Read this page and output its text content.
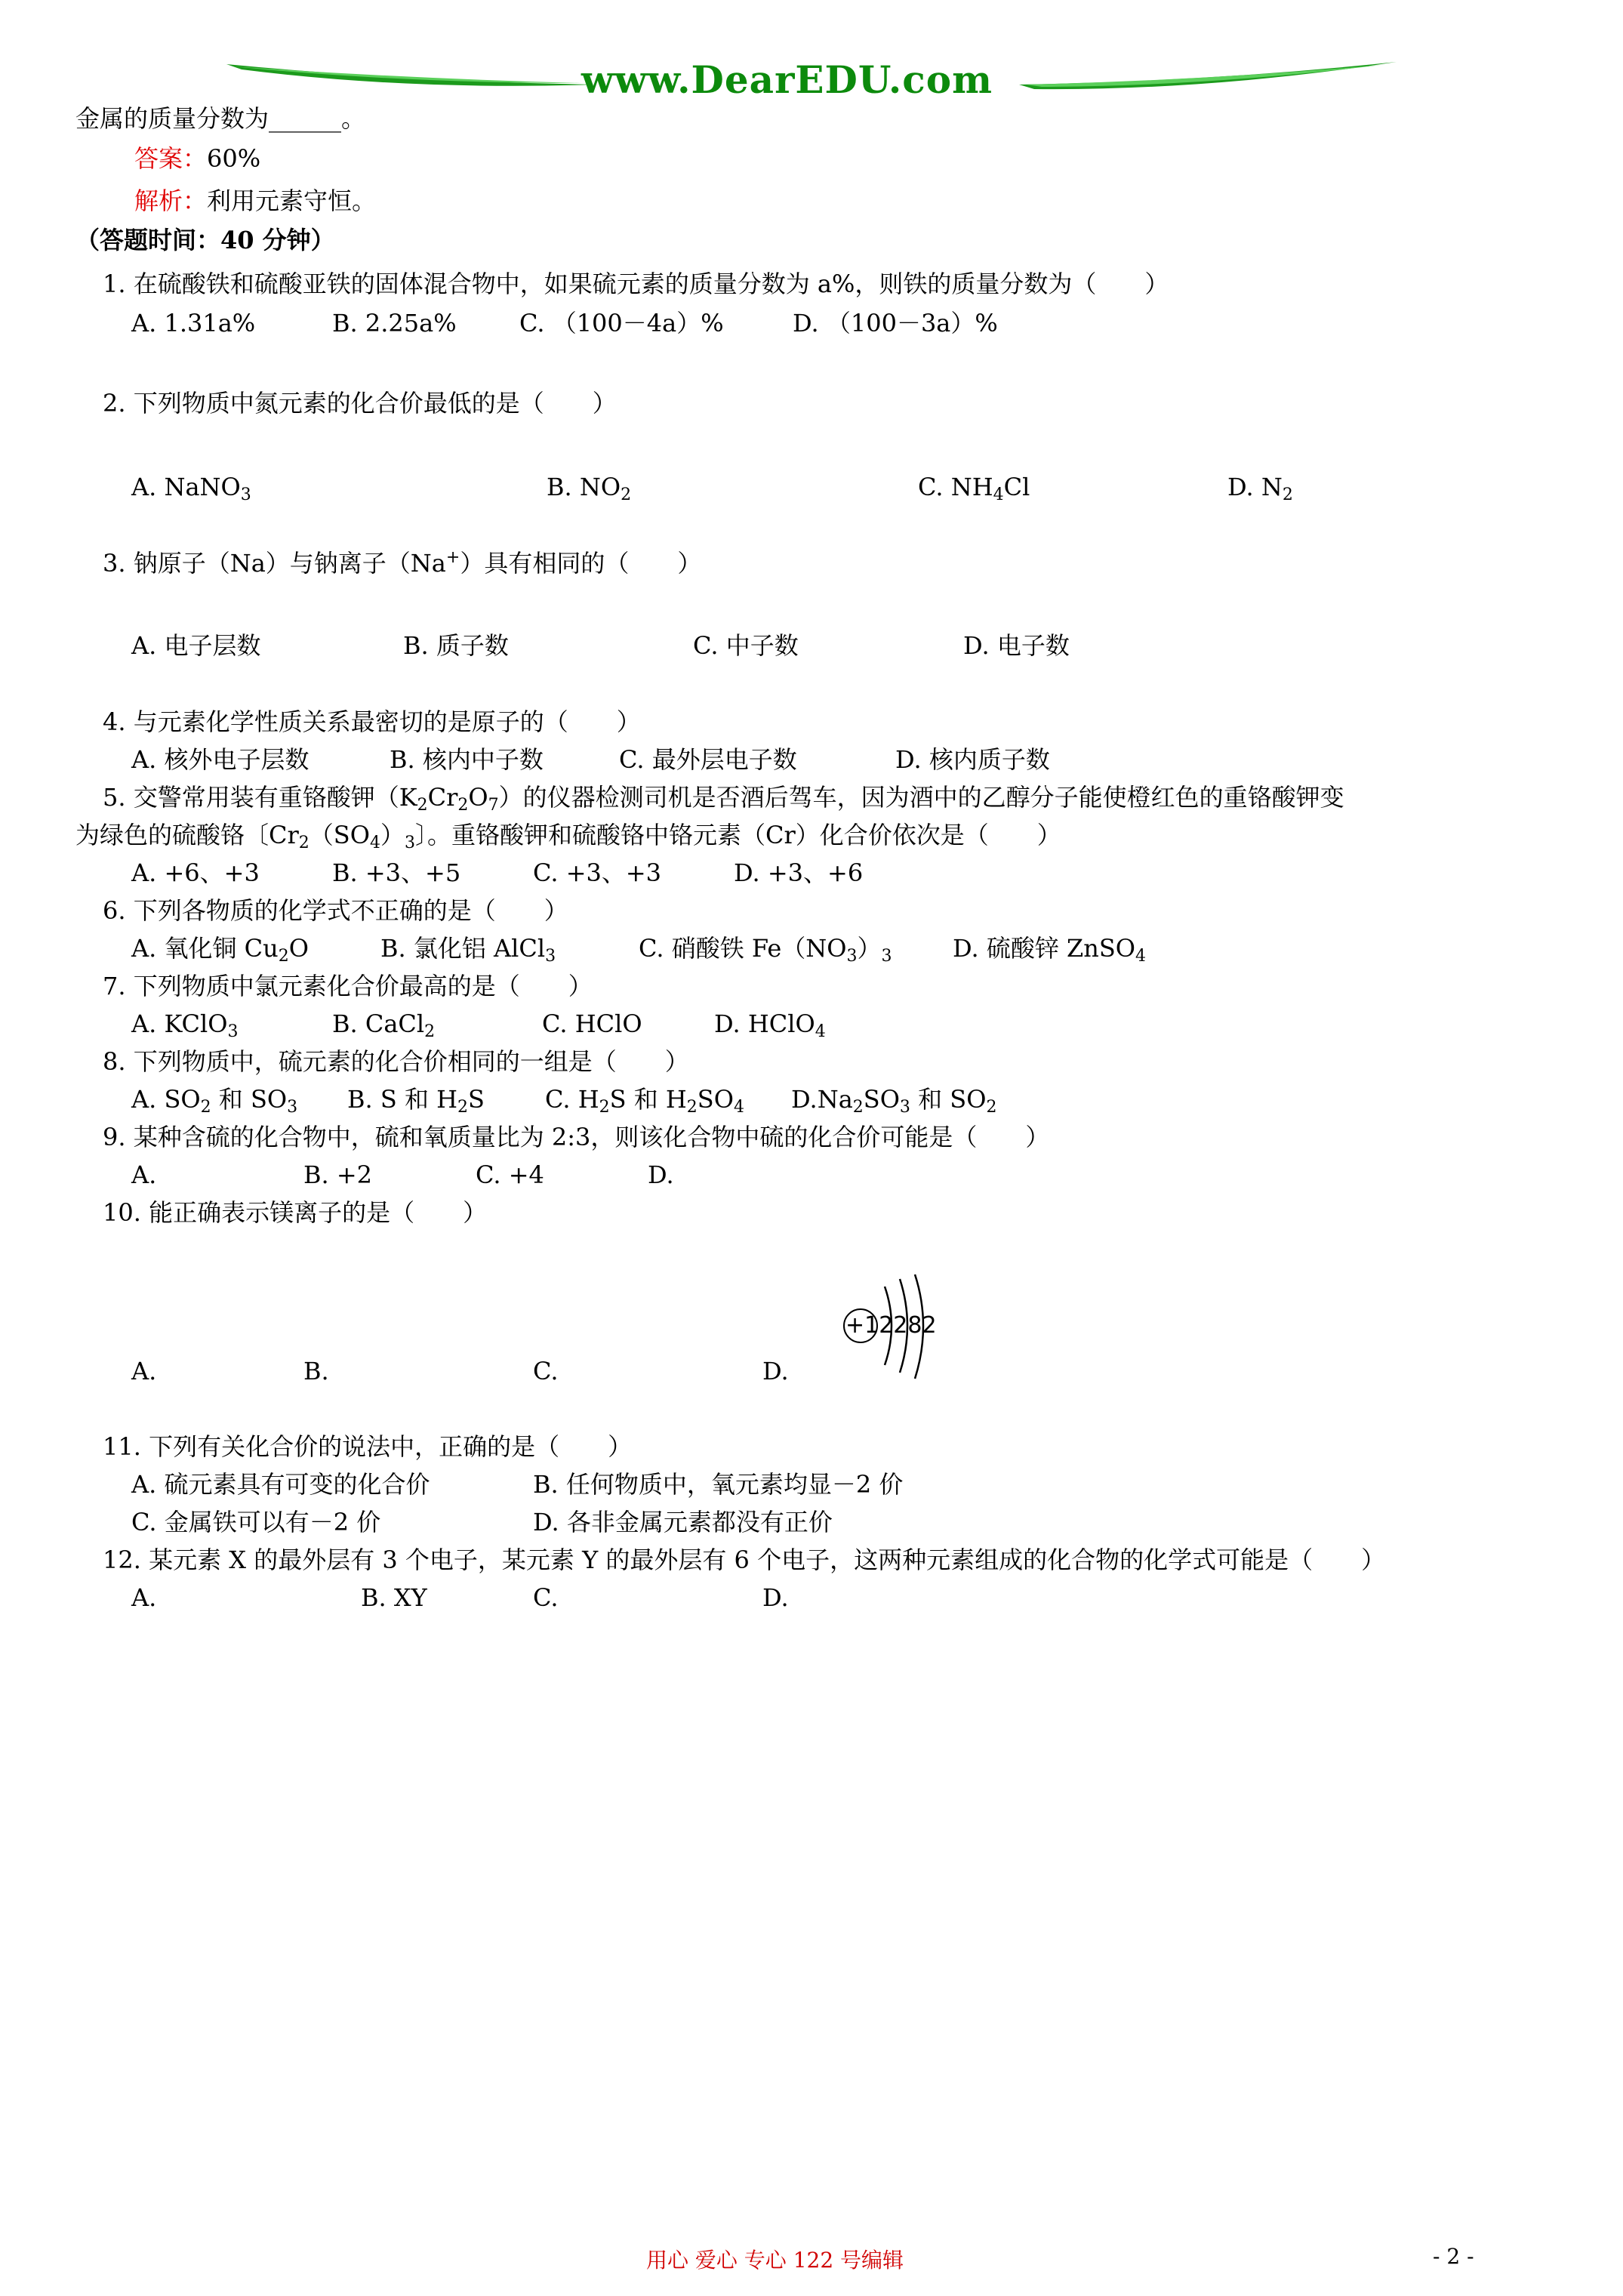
www.DearEDU.com
金属的质量分数为______。
答案：60%
解析：利用元素守恒。
（答题时间：40 分钟）
1. 在硫酸铁和硫酸亚铁的固体混合物中，如果硫元素的质量分数为 a%，则铁的质量分数为（　　）
A. 1.31a%	B. 2.25a%	C. （100－4a）%	D. （100－3a）%
2. 下列物质中氮元素的化合价最低的是（　　）
A. NaNO$_3$	B. $NO_2$	C. $NH_4Cl$	D. $N_2$
3. 钠原子（Na）与钠离子（Na+）具有相同的（　　）
A. 电子层数	B. 质子数	C. 中子数	D. 电子数
4. 与元素化学性质关系最密切的是原子的（　　）
A. 核外电子层数	B. 核内中子数	C. 最外层电子数	D. 核内质子数
5. 交警常用装有重铬酸钾$(K_2Cr_2O_7)$的仪器检测司机是否酒后驾车，因为酒中的乙醇分子能使橙红色的重铬酸钾变
为绿色的硫酸铬〔$Cr_2(SO_4)_3$〕。重铬酸钾和硫酸铬中铬元素（Cr）化合价依次是（　　）
A. +6、+3	B. +3、+5	C. +3、+3	D. +3、+6
6. 下列各物质的化学式不正确的是（　　）
A. 氧化铜 $Cu_2O$	B. 氯化铝 AlCl$_3$	C. 硝酸铁 $Fe(NO_3)_3$	D. 硫酸锌 ZnSO$_4$
7. 下列物质中氯元素化合价最高的是（　　）
A. KClO$_3$	B. CaCl$_2$	C. HClO	D. HClO$_4$
8. 下列物质中，硫元素的化合价相同的一组是（　　）
A. $SO_2$ 和 $SO_3$ B. S 和 $H_2S$	C. $H_2S$ 和 $H_2SO_4$ $D.Na_2SO_3$ 和 $SO_2$
9. 某种含硫的化合物中，硫和氧质量比为 2:3，则该化合物中硫的化合价可能是（　　）
A.	B. +2	C. +4	D.
10. 能正确表示镁离子的是（　　）
A.	B.	C.	D.
+12282
11. 下列有关化合价的说法中，正确的是（　　）
A. 硫元素具有可变的化合价	B. 任何物质中，氧元素均显－2 价
C. 金属铁可以有－2 价	D. 各非金属元素都没有正价
12. 某元素 X 的最外层有 3 个电子，某元素 Y 的最外层有 6 个电子，这两种元素组成的化合物的化学式可能是（　　）
A.	B. XY	C.	D.
用心 爱心 专心 122 号编辑	- 2 -
